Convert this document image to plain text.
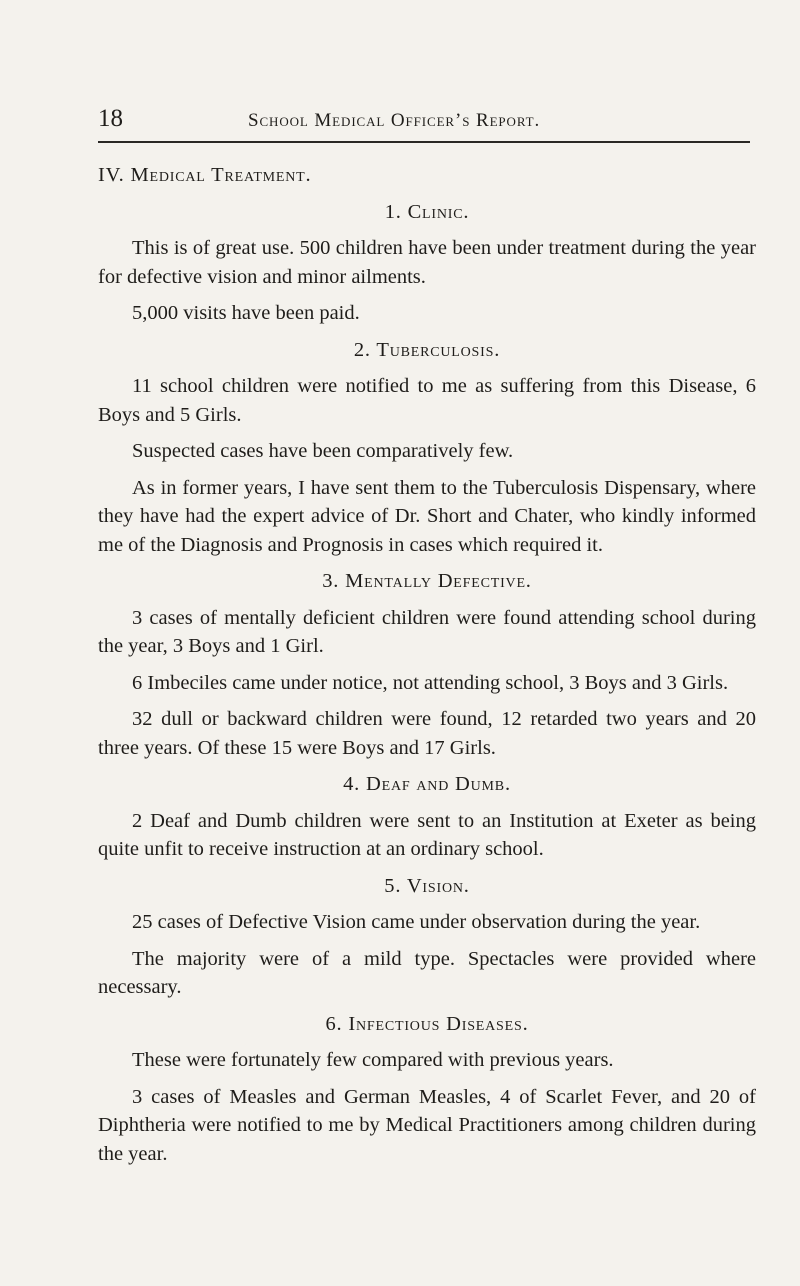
18	School Medical Officer’s Report.
IV. Medical Treatment.
1. Clinic.

This is of great use. 500 children have been under treatment during the year for defective vision and minor ailments.

5,000 visits have been paid.

2. Tuberculosis.

11 school children were notified to me as suffering from this Disease, 6 Boys and 5 Girls.

Suspected cases have been comparatively few.

As in former years, I have sent them to the Tuberculosis Dispensary, where they have had the expert advice of Dr. Short and Chater, who kindly informed me of the Diagnosis and Prognosis in cases which required it.

3. Mentally Defective.

3 cases of mentally deficient children were found attending school during the year, 3 Boys and 1 Girl.

6 Imbeciles came under notice, not attending school, 3 Boys and 3 Girls.

32 dull or backward children were found, 12 retarded two years and 20 three years. Of these 15 were Boys and 17 Girls.

4. Deaf and Dumb.

2 Deaf and Dumb children were sent to an Institution at Exeter as being quite unfit to receive instruction at an ordinary school.

5. Vision.

25 cases of Defective Vision came under observation during the year.

The majority were of a mild type. Spectacles were provided where necessary.

6. Infectious Diseases.

These were fortunately few compared with previous years.

3 cases of Measles and German Measles, 4 of Scarlet Fever, and 20 of Diphtheria were notified to me by Medical Practitioners among children during the year.
